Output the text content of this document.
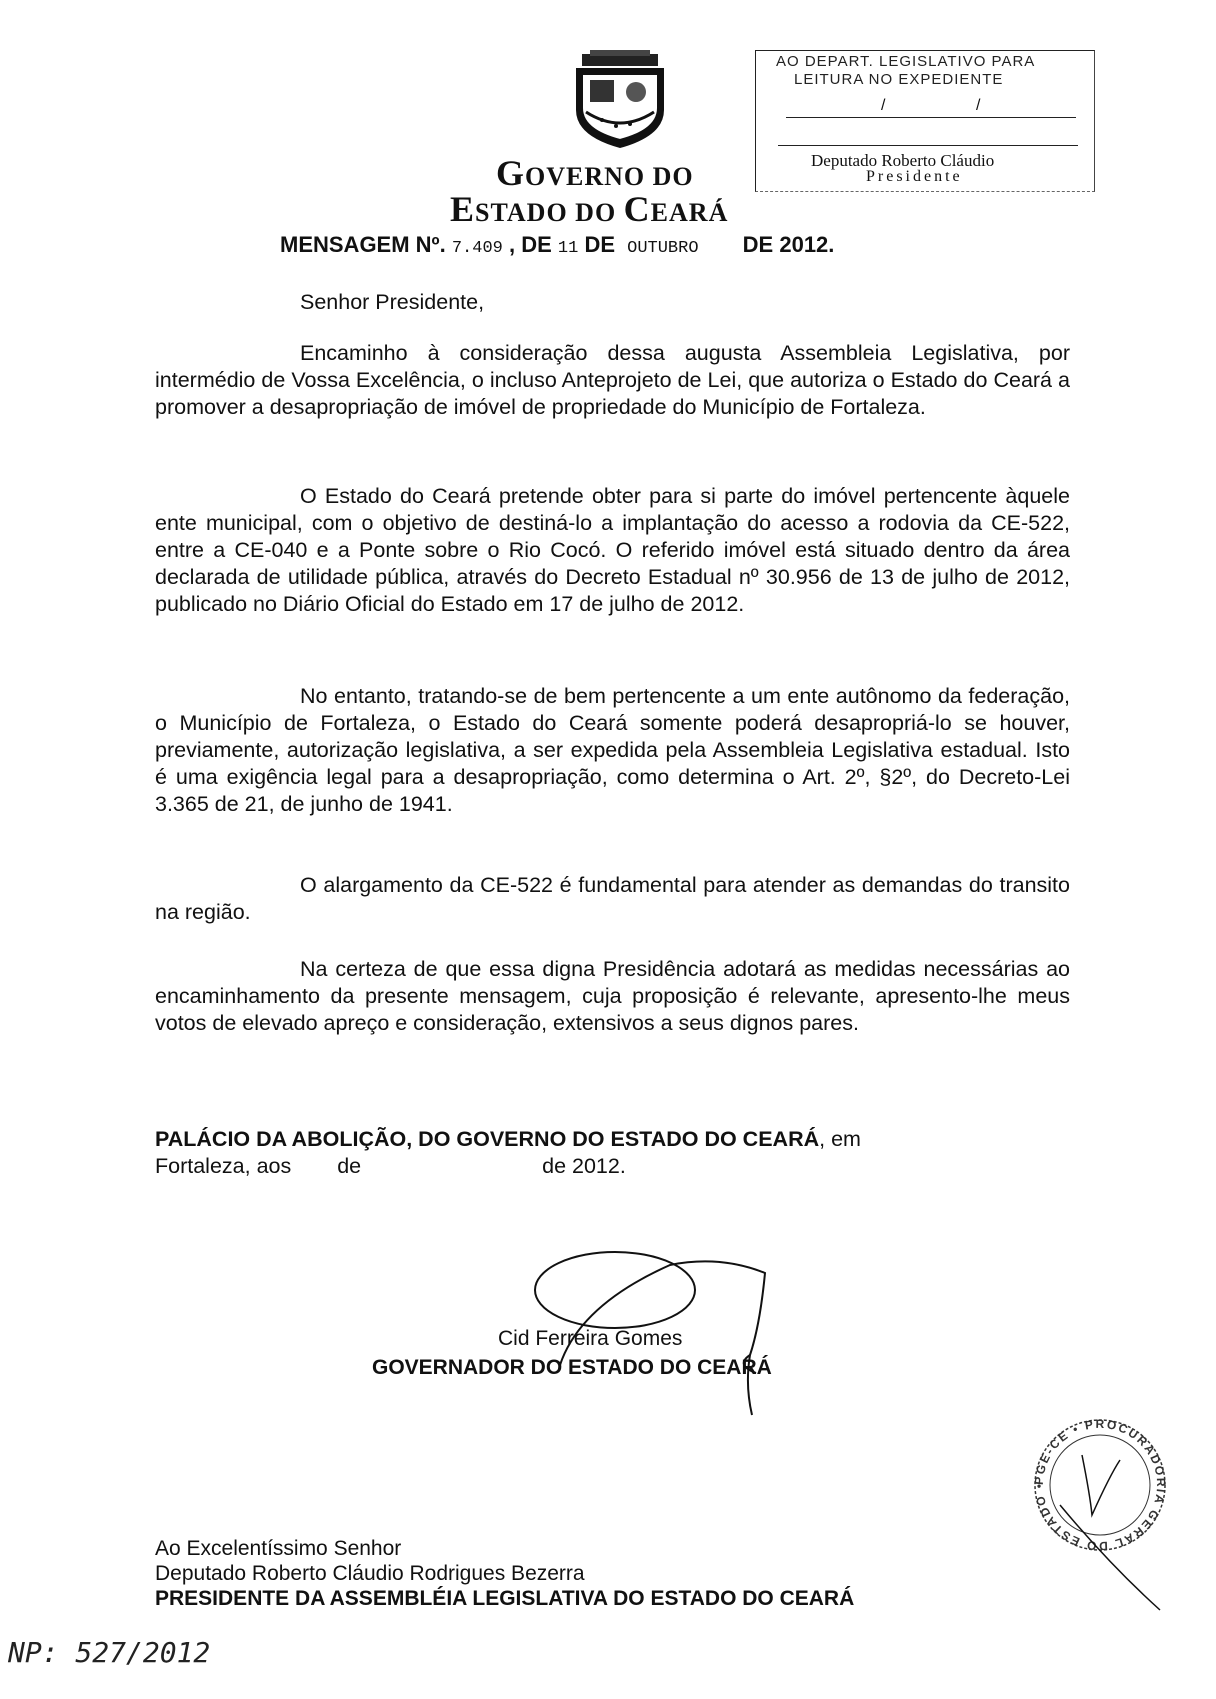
AO DEPART. LEGISLATIVO PARA
LEITURA NO EXPEDIENTE
/	/
Deputado Roberto Cláudio
Presidente
GOVERNO DO
ESTADO DO CEARÁ
MENSAGEM Nº. 7.409 , DE 11 DE OUTUBRO DE 2012.
Senhor Presidente,
Encaminho à consideração dessa augusta Assembleia Legislativa, por intermédio de Vossa Excelência, o incluso Anteprojeto de Lei, que autoriza o Estado do Ceará a promover a desapropriação de imóvel de propriedade do Município de Fortaleza.
O Estado do Ceará pretende obter para si parte do imóvel pertencente àquele ente municipal, com o objetivo de destiná-lo a implantação do acesso a rodovia da CE-522, entre a CE-040 e a Ponte sobre o Rio Cocó. O referido imóvel está situado dentro da área declarada de utilidade pública, através do Decreto Estadual nº 30.956 de 13 de julho de 2012, publicado no Diário Oficial do Estado em 17 de julho de 2012.
No entanto, tratando-se de bem pertencente a um ente autônomo da federação, o Município de Fortaleza, o Estado do Ceará somente poderá desapropriá-lo se houver, previamente, autorização legislativa, a ser expedida pela Assembleia Legislativa estadual. Isto é uma exigência legal para a desapropriação, como determina o Art. 2º, §2º, do Decreto-Lei 3.365 de 21, de junho de 1941.
O alargamento da CE-522 é fundamental para atender as demandas do transito na região.
Na certeza de que essa digna Presidência adotará as medidas necessárias ao encaminhamento da presente mensagem, cuja proposição é relevante, apresento-lhe meus votos de elevado apreço e consideração, extensivos a seus dignos pares.
PALÁCIO DA ABOLIÇÃO, DO GOVERNO DO ESTADO DO CEARÁ, em
Fortaleza, aos de	de 2012.
Cid Ferreira Gomes
GOVERNADOR DO ESTADO DO CEARÁ
PGE-CE • PROCURADORIA GERAL DO ESTADO •
Ao Excelentíssimo Senhor
Deputado Roberto Cláudio Rodrigues Bezerra
PRESIDENTE DA ASSEMBLÉIA LEGISLATIVA DO ESTADO DO CEARÁ
NP: 527/2012
